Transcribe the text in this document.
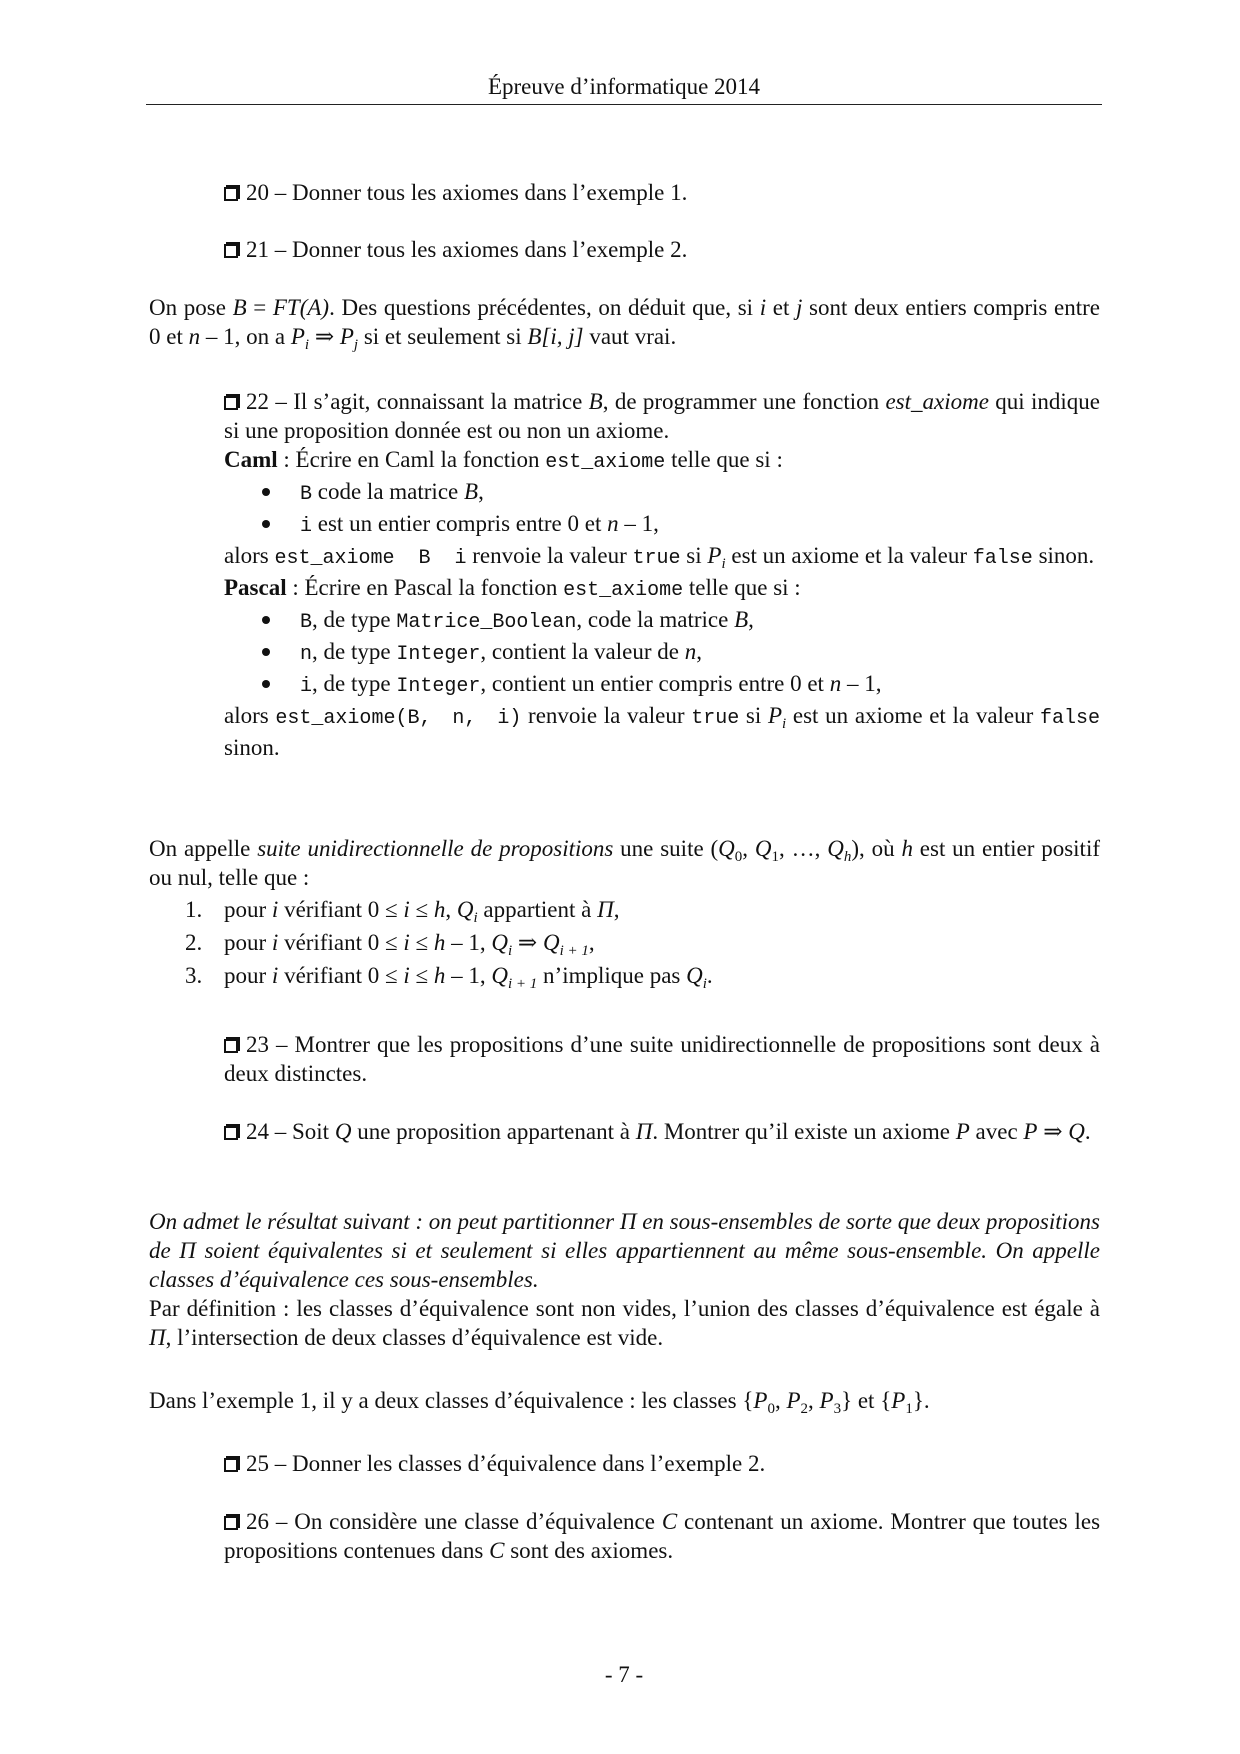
Épreuve d’informatique 2014
20 – Donner tous les axiomes dans l’exemple 1.
21 – Donner tous les axiomes dans l’exemple 2.
On pose B = FT(A). Des questions précédentes, on déduit que, si i et j sont deux entiers compris entre 0 et n – 1, on a $P_i$ ⇒ $P_j$ si et seulement si B[i, j] vaut vrai.
22 – Il s’agit, connaissant la matrice B, de programmer une fonction est_axiome qui indique si une proposition donnée est ou non un axiome.
Caml : Écrire en Caml la fonction est_axiome telle que si :
B code la matrice B,
i est un entier compris entre 0 et n – 1,
alors est_axiome B i renvoie la valeur true si $P_i$ est un axiome et la valeur false sinon.
Pascal : Écrire en Pascal la fonction est_axiome telle que si :
B, de type Matrice_Boolean, code la matrice B,
n, de type Integer, contient la valeur de n,
i, de type Integer, contient un entier compris entre 0 et n – 1,
alors est_axiome(B, n, i) renvoie la valeur true si $P_i$ est un axiome et la valeur false sinon.
On appelle suite unidirectionnelle de propositions une suite ($Q_0$, $Q_1$, …, $Q_h$), où h est un entier positif ou nul, telle que :
1. pour i vérifiant 0 ≤ i ≤ h, $Q_i$ appartient à Π,
2. pour i vérifiant 0 ≤ i ≤ h – 1, $Q_i$ ⇒ $Q_{i + 1}$,
3. pour i vérifiant 0 ≤ i ≤ h – 1, $Q_{i + 1}$ n’implique pas $Q_i$.
23 – Montrer que les propositions d’une suite unidirectionnelle de propositions sont deux à deux distinctes.
24 – Soit Q une proposition appartenant à Π. Montrer qu’il existe un axiome P avec P ⇒ Q.
On admet le résultat suivant : on peut partitionner Π en sous-ensembles de sorte que deux propositions de Π soient équivalentes si et seulement si elles appartiennent au même sous-ensemble. On appelle classes d’équivalence ces sous-ensembles.
Par définition : les classes d’équivalence sont non vides, l’union des classes d’équivalence est égale à Π, l’intersection de deux classes d’équivalence est vide.
Dans l’exemple 1, il y a deux classes d’équivalence : les classes {$P_0$, $P_2$, $P_3$} et $\{P_1\}$.
25 – Donner les classes d’équivalence dans l’exemple 2.
26 – On considère une classe d’équivalence C contenant un axiome. Montrer que toutes les propositions contenues dans C sont des axiomes.
- 7 -
